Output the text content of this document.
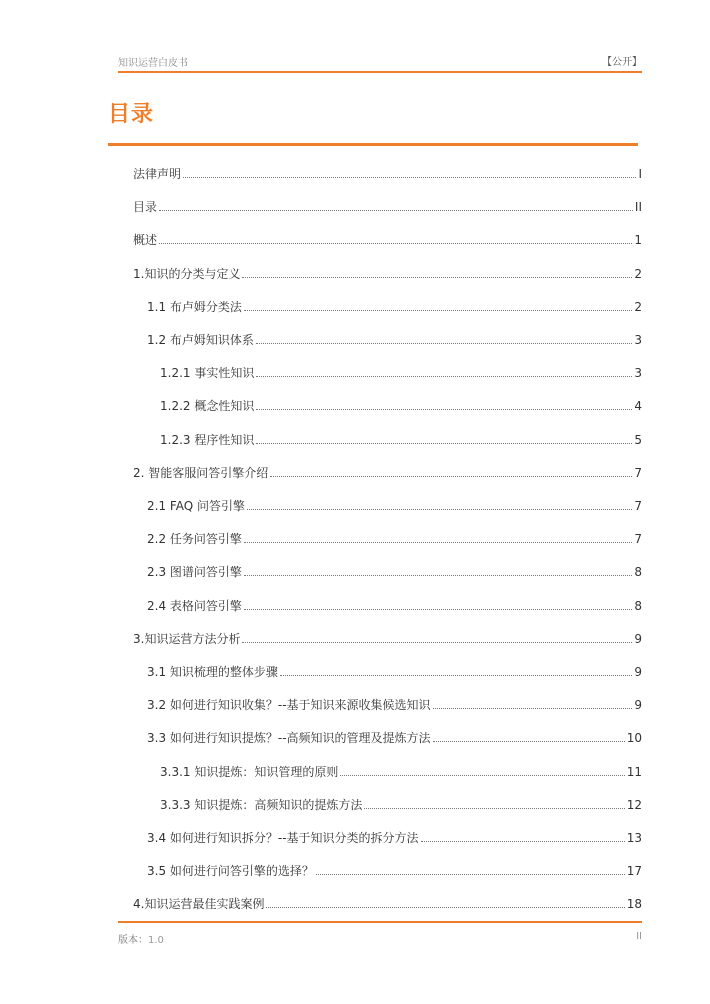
知识运营白皮书	【公开】
目录
法律声明	I
目录	II
概述	1
1.知识的分类与定义	2
1.1 布卢姆分类法	2
1.2 布卢姆知识体系	3
1.2.1 事实性知识	3
1.2.2 概念性知识	4
1.2.3 程序性知识	5
2. 智能客服问答引擎介绍	7
2.1 FAQ 问答引擎	7
2.2 任务问答引擎	7
2.3 图谱问答引擎	8
2.4 表格问答引擎	8
3.知识运营方法分析	9
3.1 知识梳理的整体步骤	9
3.2 如何进行知识收集？--基于知识来源收集候选知识	9
3.3 如何进行知识提炼？--高频知识的管理及提炼方法	10
3.3.1 知识提炼：知识管理的原则	11
3.3.3 知识提炼：高频知识的提炼方法	12
3.4 如何进行知识拆分？--基于知识分类的拆分方法	13
3.5 如何进行问答引擎的选择？	17
4.知识运营最佳实践案例	18
版本：1.0	II
